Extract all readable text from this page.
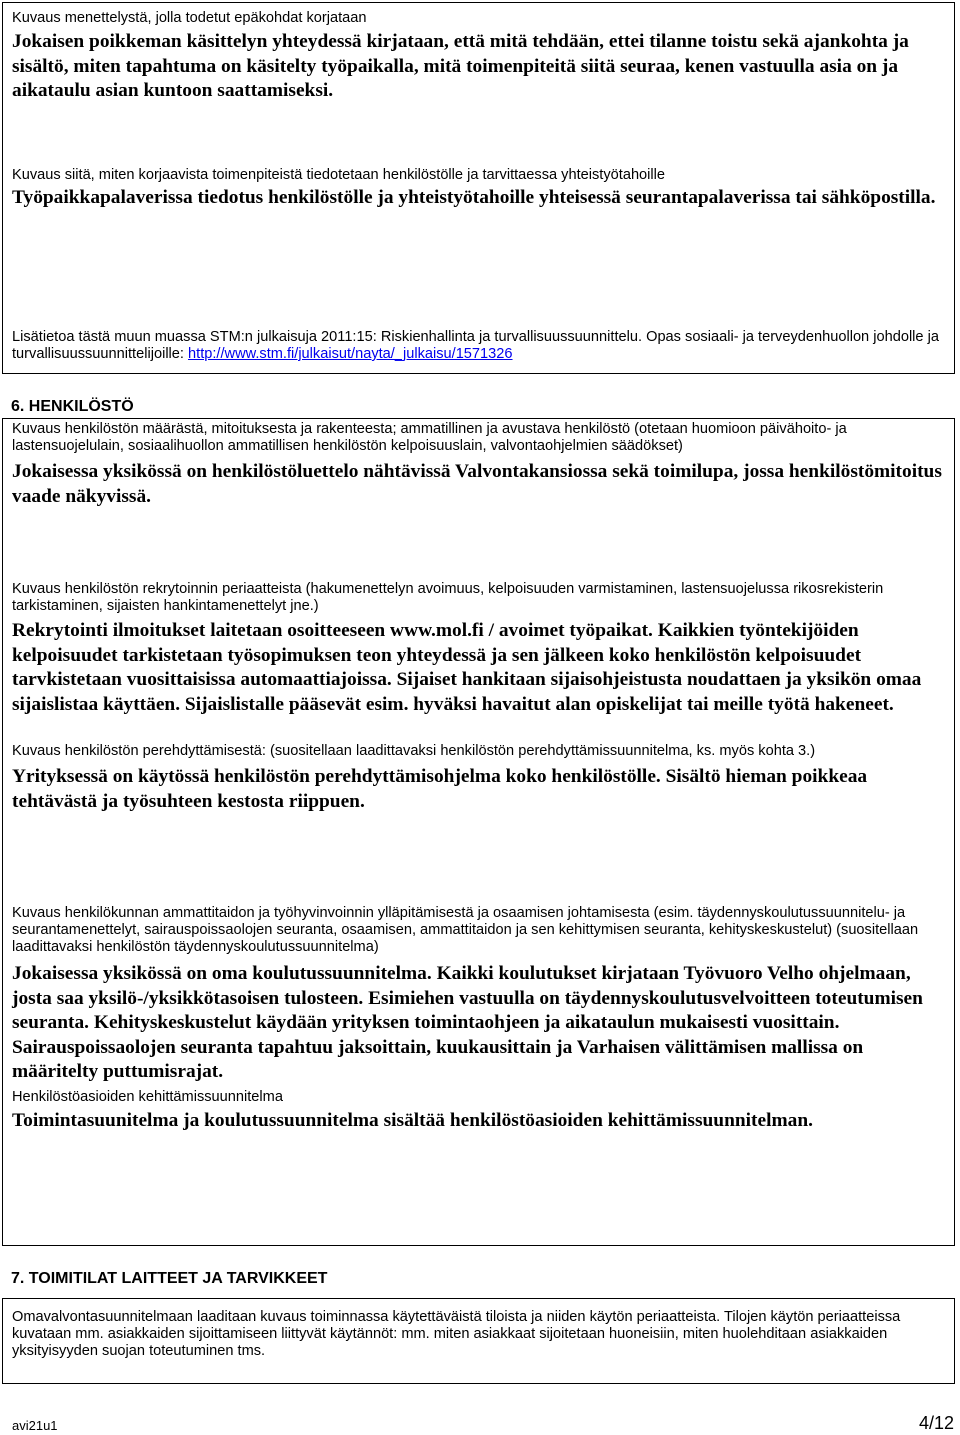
Kuvaus menettelystä, jolla todetut epäkohdat korjataan
Jokaisen poikkeman käsittelyn yhteydessä kirjataan, että mitä tehdään, ettei tilanne toistu sekä ajankohta ja sisältö, miten tapahtuma on käsitelty työpaikalla, mitä toimenpiteitä siitä seuraa, kenen vastuulla asia on ja aikataulu asian kuntoon saattamiseksi.
Kuvaus siitä, miten korjaavista toimenpiteistä tiedotetaan henkilöstölle ja tarvittaessa yhteistyötahoille
Työpaikkapalaverissa tiedotus henkilöstölle ja yhteistyötahoille yhteisessä seurantapalaverissa tai sähköpostilla.
Lisätietoa tästä muun muassa STM:n julkaisuja 2011:15: Riskienhallinta ja turvallisuussuunnittelu. Opas sosiaali- ja terveydenhuollon johdolle ja turvallisuussuunnittelijoille: http://www.stm.fi/julkaisut/nayta/_julkaisu/1571326
6. HENKILÖSTÖ
Kuvaus henkilöstön määrästä, mitoituksesta ja rakenteesta; ammatillinen ja avustava henkilöstö (otetaan huomioon päivähoito- ja lastensuojelulain, sosiaalihuollon ammatillisen henkilöstön kelpoisuuslain, valvontaohjelmien säädökset)
Jokaisessa yksikössä on henkilöstöluettelo nähtävissä Valvontakansiossa sekä toimilupa, jossa henkilöstömitoitus vaade näkyvissä.
Kuvaus henkilöstön rekrytoinnin periaatteista (hakumenettelyn avoimuus, kelpoisuuden varmistaminen, lastensuojelussa rikosrekisterin tarkistaminen, sijaisten hankintamenettelyt jne.)
Rekrytointi ilmoitukset laitetaan osoitteeseen www.mol.fi / avoimet työpaikat. Kaikkien työntekijöiden kelpoisuudet tarkistetaan työsopimuksen teon yhteydessä ja sen jälkeen koko henkilöstön kelpoisuudet tarvkistetaan vuosittaisissa automaattiajoissa. Sijaiset hankitaan sijaisohjeistusta noudattaen ja yksikön omaa sijaislistaa käyttäen. Sijaislistalle pääsevät esim. hyväksi havaitut alan opiskelijat tai meille työtä hakeneet.
Kuvaus henkilöstön perehdyttämisestä: (suositellaan laadittavaksi henkilöstön perehdyttämissuunnitelma, ks. myös kohta 3.)
Yrityksessä on käytössä henkilöstön perehdyttämisohjelma koko henkilöstölle. Sisältö hieman poikkeaa tehtävästä ja työsuhteen kestosta riippuen.
Kuvaus henkilökunnan ammattitaidon ja työhyvinvoinnin ylläpitämisestä ja osaamisen johtamisesta (esim. täydennyskoulutussuunnitelu- ja seurantamenettelyt, sairauspoissaolojen seuranta, osaamisen, ammattitaidon ja sen kehittymisen seuranta, kehityskeskustelut) (suositellaan laadittavaksi henkilöstön täydennyskoulutussuunnitelma)
Jokaisessa yksikössä on oma koulutussuunnitelma. Kaikki koulutukset kirjataan Työvuoro Velho ohjelmaan, josta saa yksilö-/yksikkötasoisen tulosteen. Esimiehen vastuulla on täydennyskoulutusvelvoitteen toteutumisen seuranta. Kehityskeskustelut käydään yrityksen toimintaohjeen ja aikataulun mukaisesti vuosittain. Sairauspoissaolojen seuranta tapahtuu jaksoittain, kuukausittain ja Varhaisen välittämisen mallissa on määritelty puttumisrajat.
Henkilöstöasioiden kehittämissuunnitelma
Toimintasuunitelma ja koulutussuunnitelma sisältää henkilöstöasioiden kehittämissuunnitelman.
7. TOIMITILAT LAITTEET JA TARVIKKEET
Omavalvontasuunnitelmaan laaditaan kuvaus toiminnassa käytettäväistä tiloista ja niiden käytön periaatteista. Tilojen käytön periaatteissa kuvataan mm. asiakkaiden sijoittamiseen liittyvät käytännöt: mm. miten asiakkaat sijoitetaan huoneisiin, miten huolehditaan asiakkaiden yksityisyyden suojan toteutuminen tms.
avi21u1	4/12
